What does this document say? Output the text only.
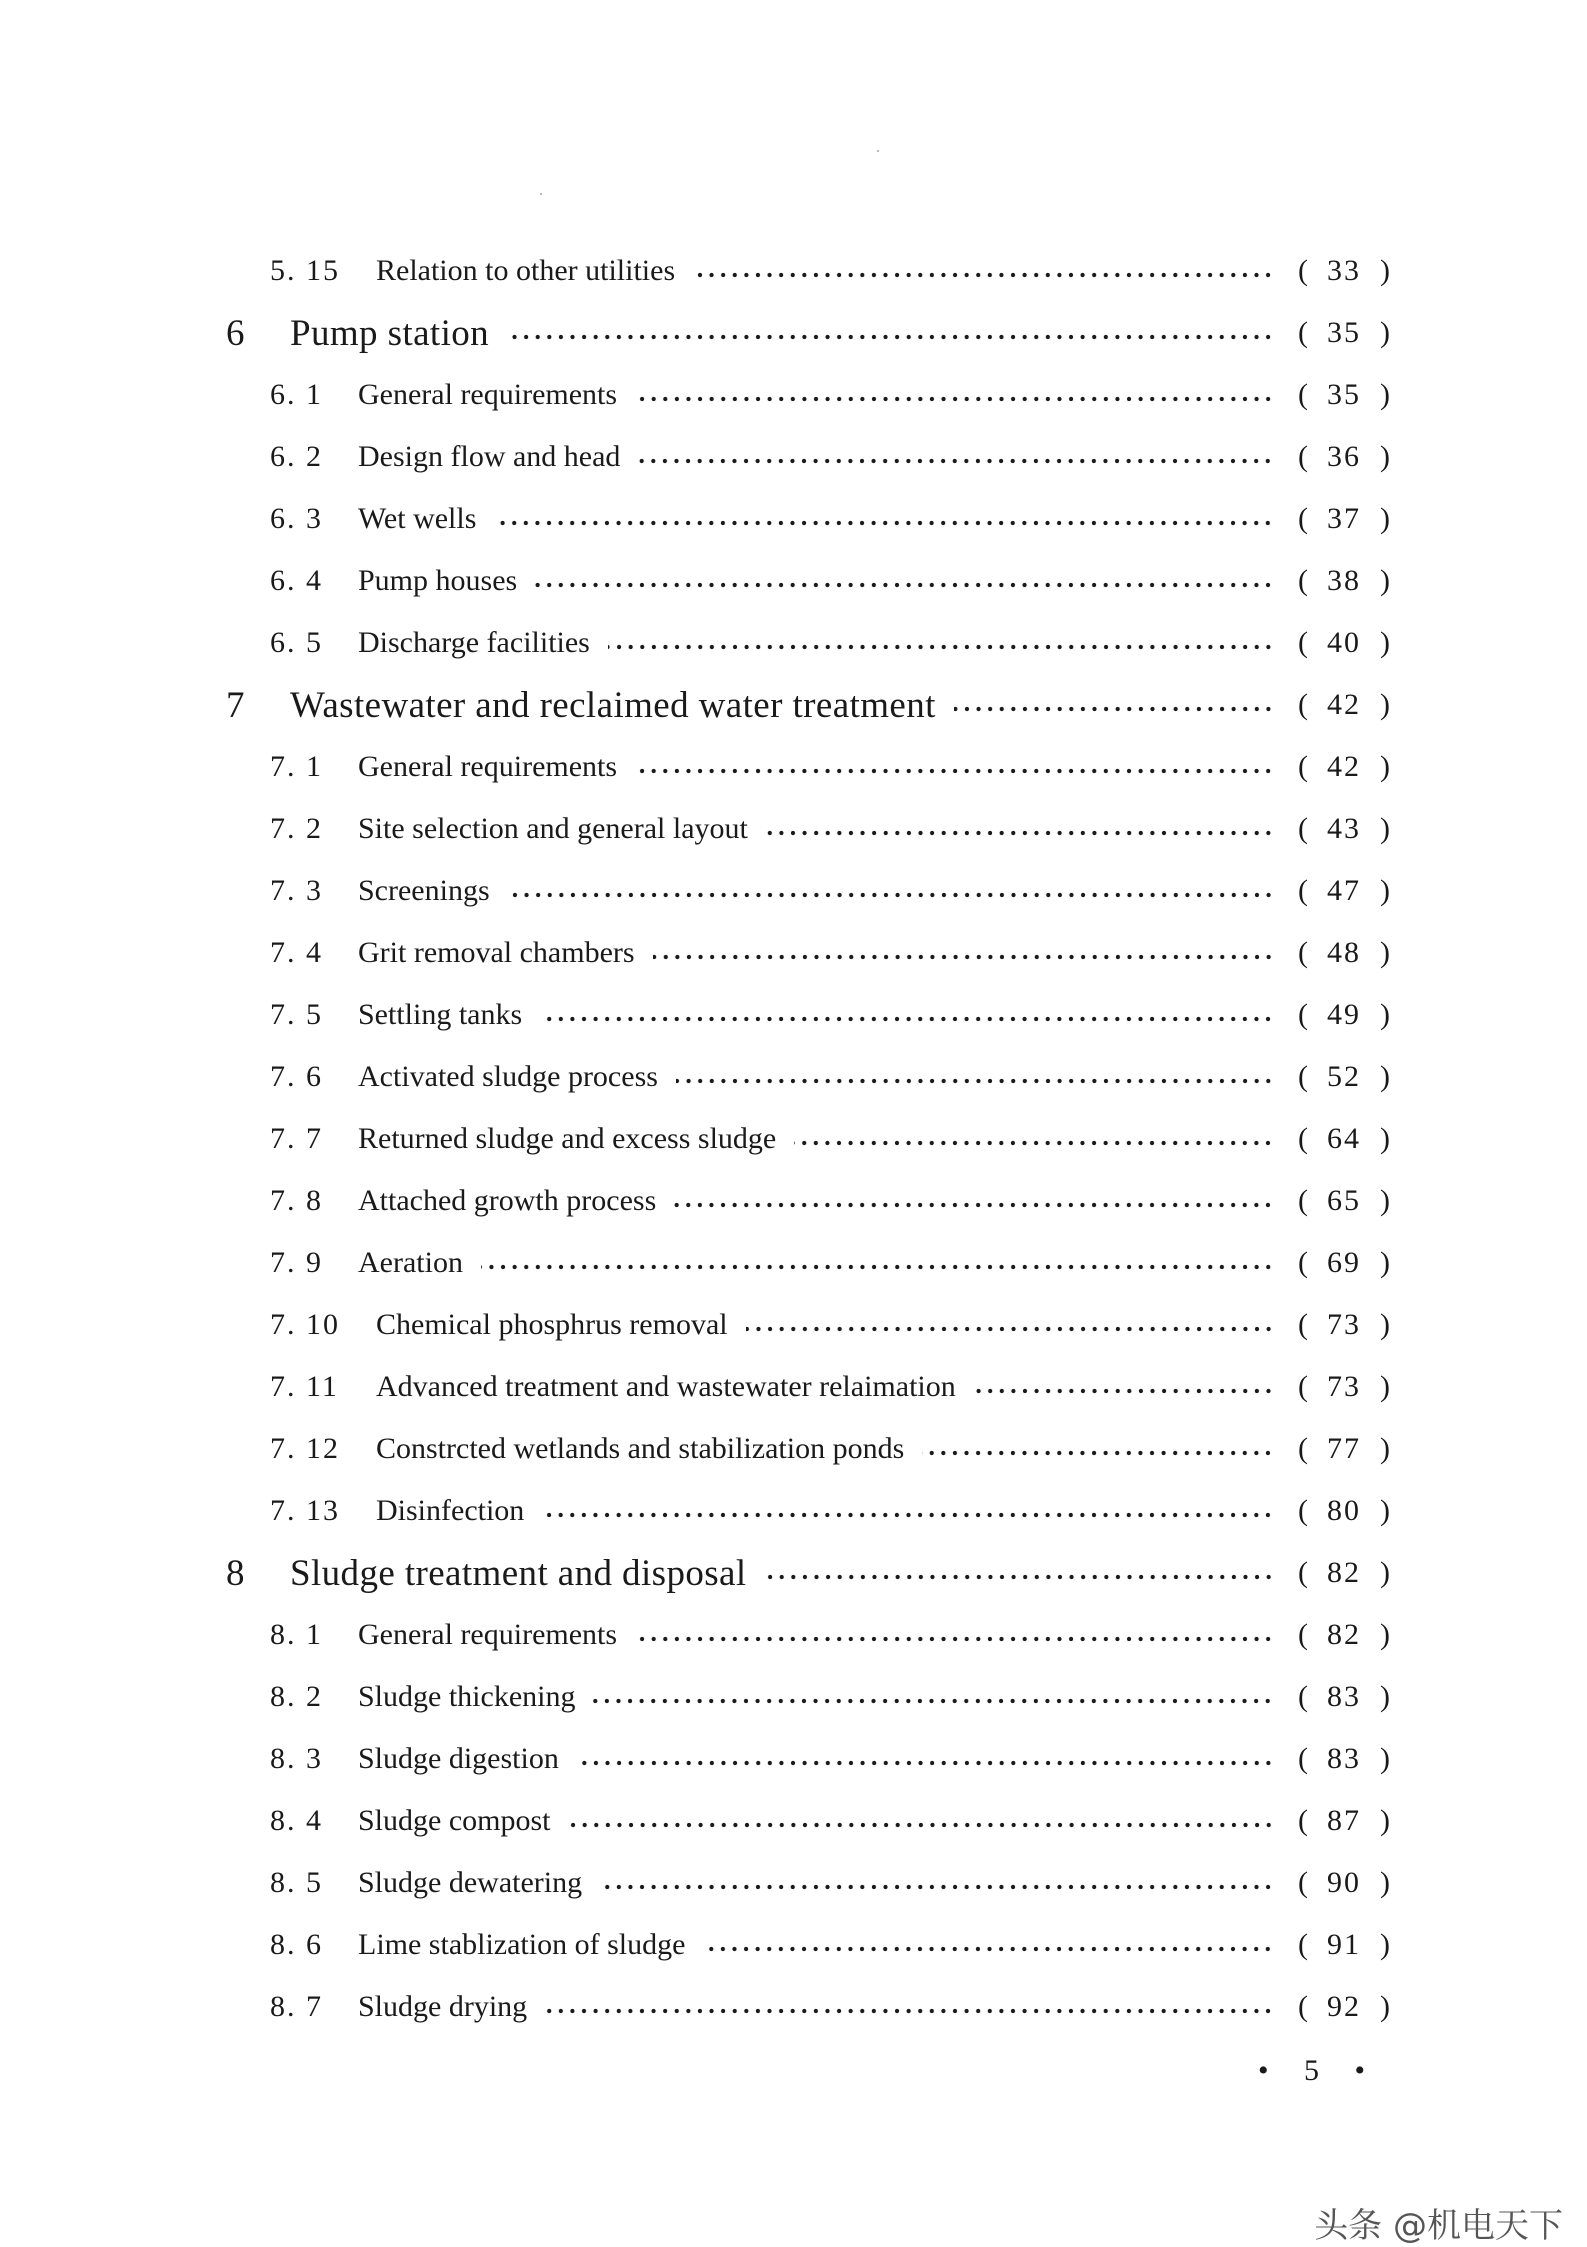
5. 15	Relation to other utilities	( 33 )
6	Pump station	( 35 )
6. 1	General requirements	( 35 )
6. 2	Design flow and head	( 36 )
6. 3	Wet wells	( 37 )
6. 4	Pump houses	( 38 )
6. 5	Discharge facilities	( 40 )
7	Wastewater and reclaimed water treatment	( 42 )
7. 1	General requirements	( 42 )
7. 2	Site selection and general layout	( 43 )
7. 3	Screenings	( 47 )
7. 4	Grit removal chambers	( 48 )
7. 5	Settling tanks	( 49 )
7. 6	Activated sludge process	( 52 )
7. 7	Returned sludge and excess sludge	( 64 )
7. 8	Attached growth process	( 65 )
7. 9	Aeration	( 69 )
7. 10	Chemical phosphrus removal	( 73 )
7. 11	Advanced treatment and wastewater relaimation	( 73 )
7. 12	Constrcted wetlands and stabilization ponds	( 77 )
7. 13	Disinfection	( 80 )
8	Sludge treatment and disposal	( 82 )
8. 1	General requirements	( 82 )
8. 2	Sludge thickening	( 83 )
8. 3	Sludge digestion	( 83 )
8. 4	Sludge compost	( 87 )
8. 5	Sludge dewatering	( 90 )
8. 6	Lime stablization of sludge	( 91 )
8. 7	Sludge drying	( 92 )
• 5 •
头条 @机电天下
